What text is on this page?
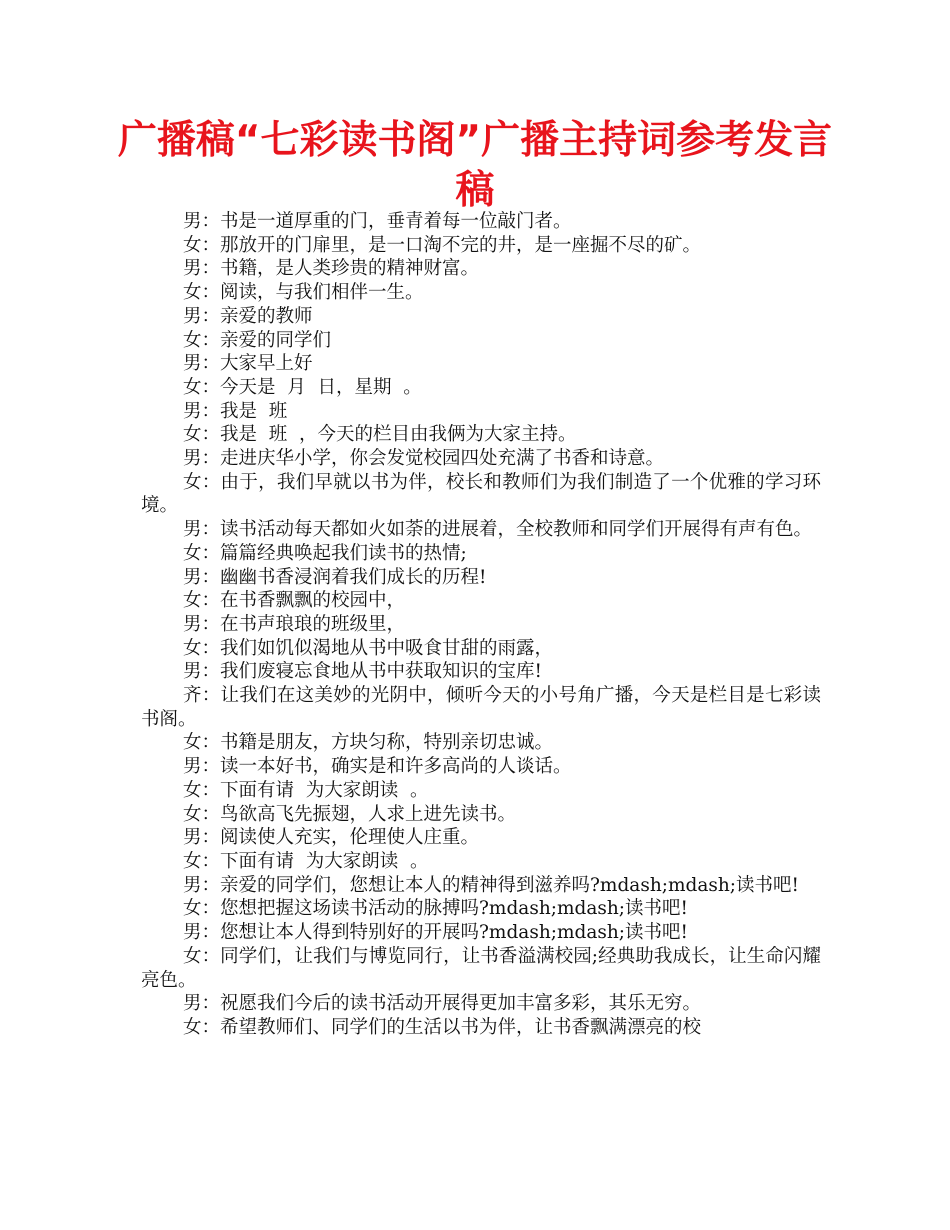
广播稿“七彩读书阁”广播主持词参考发言稿

男：书是一道厚重的门，垂青着每一位敲门者。

女：那放开的门扉里，是一口淘不完的井，是一座掘不尽的矿。

男：书籍，是人类珍贵的精神财富。

女：阅读，与我们相伴一生。

男：亲爱的教师

女：亲爱的同学们

男：大家早上好

女：今天是  月  日，星期  。

男：我是  班

女：我是  班  ，今天的栏目由我俩为大家主持。

男：走进庆华小学，你会发觉校园四处充满了书香和诗意。

女：由于，我们早就以书为伴，校长和教师们为我们制造了一个优雅的学习环境。

男：读书活动每天都如火如荼的进展着，全校教师和同学们开展得有声有色。

女：篇篇经典唤起我们读书的热情;

男：幽幽书香浸润着我们成长的历程!

女：在书香飘飘的校园中，

男：在书声琅琅的班级里，

女：我们如饥似渴地从书中吸食甘甜的雨露，

男：我们废寝忘食地从书中获取知识的宝库!

齐：让我们在这美妙的光阴中，倾听今天的小号角广播，今天是栏目是七彩读书阁。

女：书籍是朋友，方块匀称，特别亲切忠诚。

男：读一本好书，确实是和许多高尚的人谈话。

女：下面有请  为大家朗读  。

女：鸟欲高飞先振翅，人求上进先读书。

男：阅读使人充实，伦理使人庄重。

女：下面有请  为大家朗读  。

男：亲爱的同学们，您想让本人的精神得到滋养吗?mdash;mdash;读书吧!

女：您想把握这场读书活动的脉搏吗?mdash;mdash;读书吧!

男：您想让本人得到特别好的开展吗?mdash;mdash;读书吧!

女：同学们，让我们与博览同行，让书香溢满校园;经典助我成长，让生命闪耀亮色。

男：祝愿我们今后的读书活动开展得更加丰富多彩，其乐无穷。

女：希望教师们、同学们的生活以书为伴，让书香飘满漂亮的校
